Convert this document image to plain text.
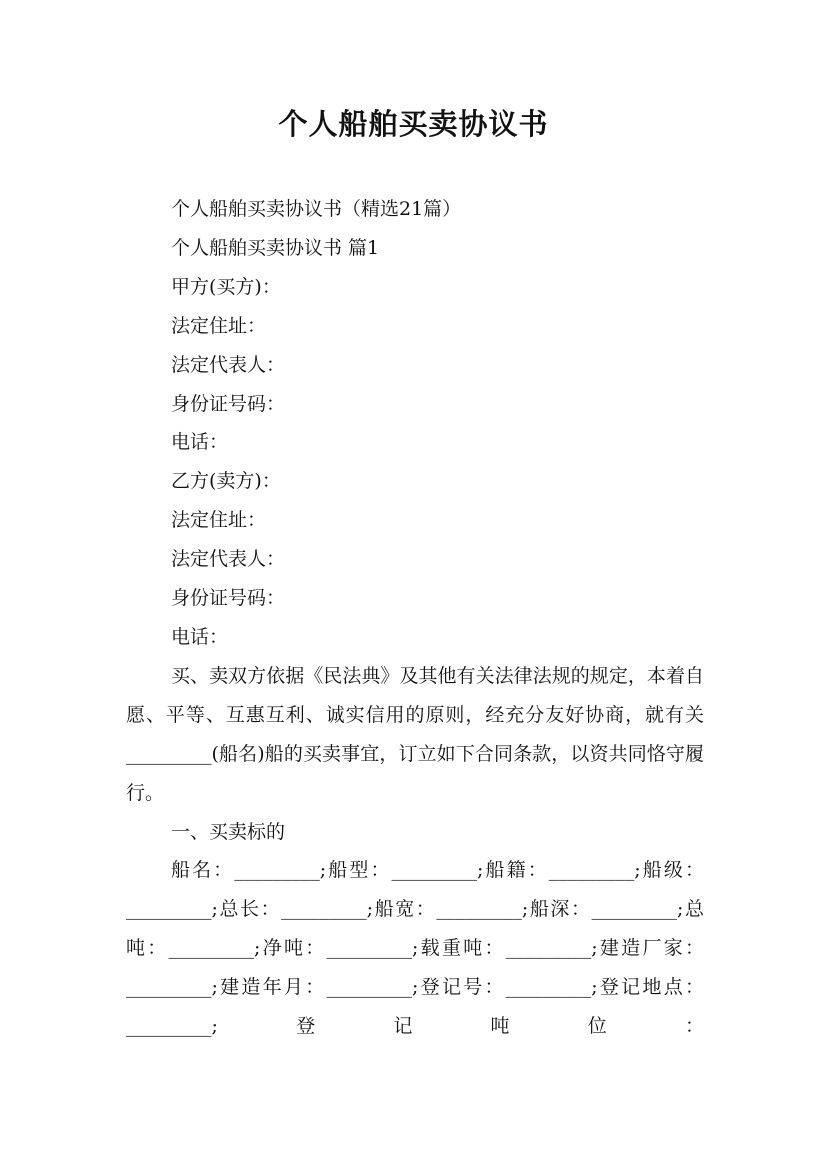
个人船舶买卖协议书

个人船舶买卖协议书（精选21篇）

个人船舶买卖协议书 篇1

甲方(买方)：

法定住址：

法定代表人：

身份证号码：

电话：

乙方(卖方)：

法定住址：

法定代表人：

身份证号码：

电话：

买、卖双方依据《民法典》及其他有关法律法规的规定，本着自愿、平等、互惠互利、诚实信用的原则，经充分友好协商，就有关_________(船名)船的买卖事宜，订立如下合同条款，以资共同恪守履行。

一、买卖标的

船名：_________;船型：_________;船籍：_________;船级：_________;总长：_________;船宽：_________;船深：_________;总吨：_________;净吨：_________;载重吨：_________;建造厂家：_________;建造年月：_________;登记号：_________;登记地点：_________;登记吨位：
